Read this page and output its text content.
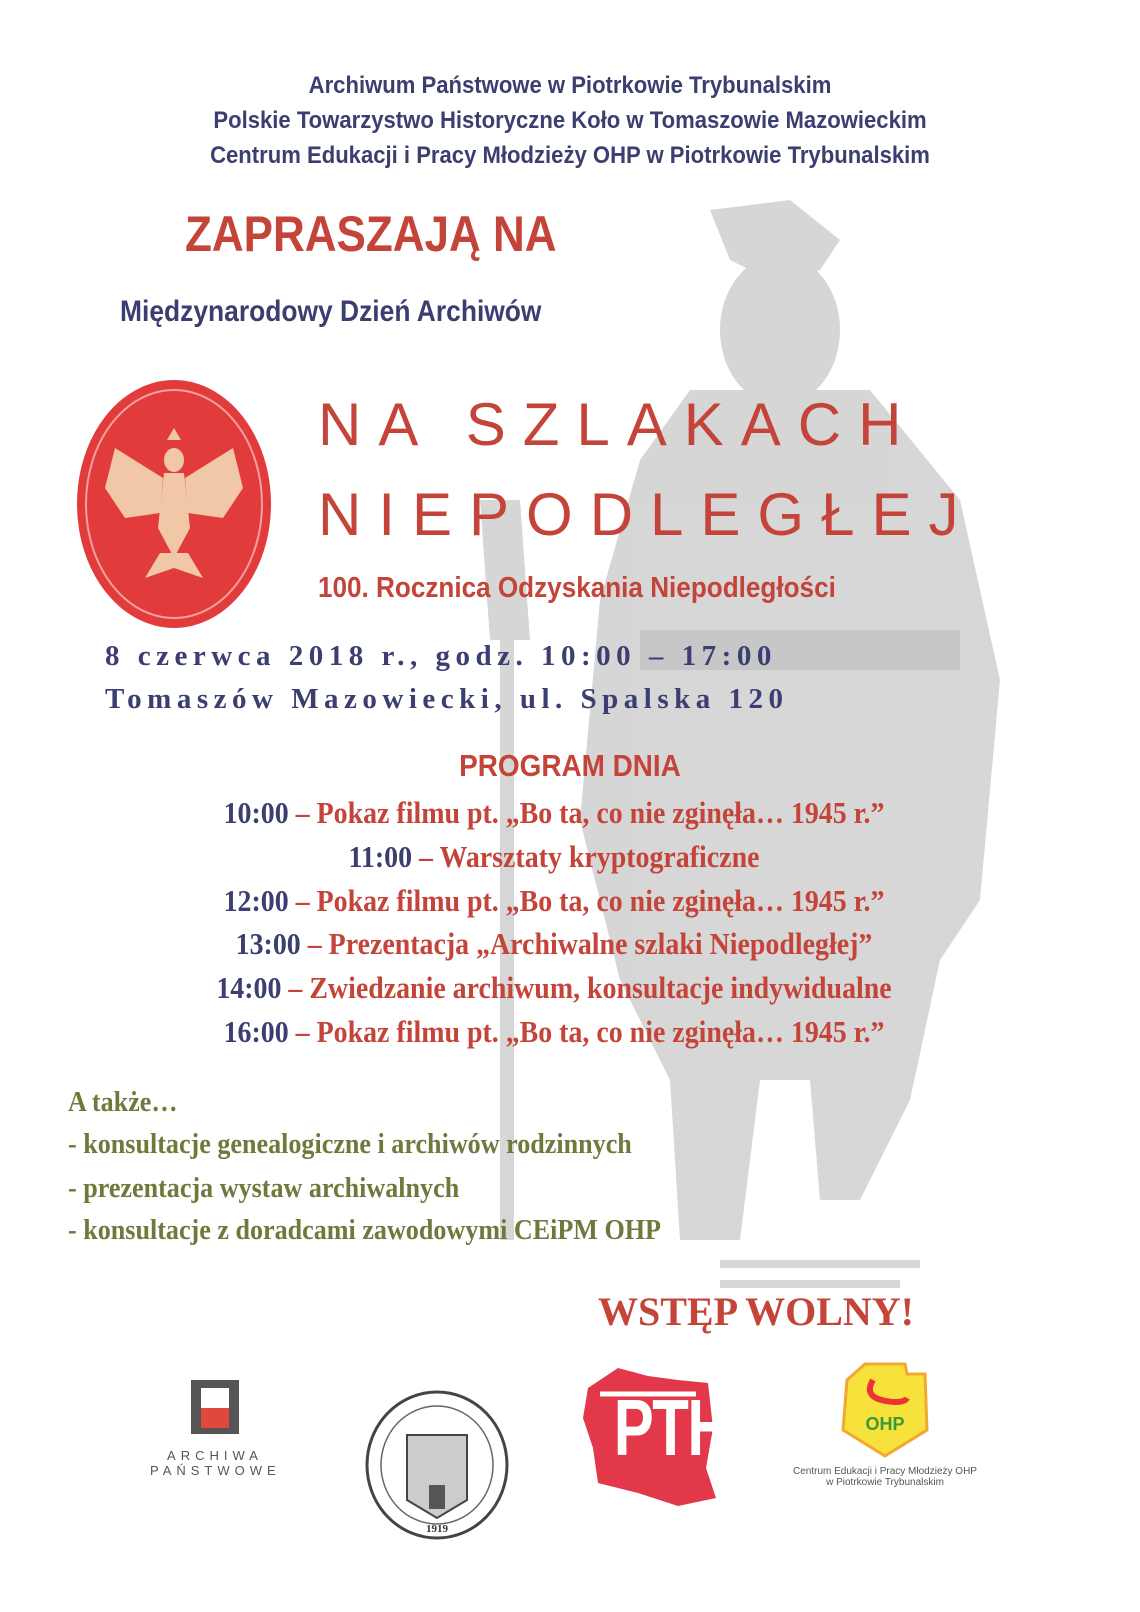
Archiwum Państwowe w Piotrkowie Trybunalskim
Polskie Towarzystwo Historyczne Koło w Tomaszowie Mazowieckim
Centrum Edukacji i Pracy Młodzieży OHP w Piotrkowie Trybunalskim
ZAPRASZAJĄ NA
Międzynarodowy Dzień Archiwów
NA SZLAKACH
NIEPODLEGŁEJ
100. Rocznica Odzyskania Niepodległości
8 czerwca 2018 r., godz. 10:00 – 17:00
Tomaszów Mazowiecki, ul. Spalska 120
PROGRAM DNIA
10:00 – Pokaz filmu pt. „Bo ta, co nie zginęła… 1945 r.”
11:00 – Warsztaty kryptograficzne
12:00 – Pokaz filmu pt. „Bo ta, co nie zginęła… 1945 r.”
13:00 – Prezentacja „Archiwalne szlaki Niepodległej”
14:00 – Zwiedzanie archiwum, konsultacje indywidualne
16:00 – Pokaz filmu pt. „Bo ta, co nie zginęła… 1945 r.”
A także…
- konsultacje genealogiczne i archiwów rodzinnych
- prezentacja wystaw archiwalnych
- konsultacje z doradcami zawodowymi CEiPM OHP
WSTĘP WOLNY!
ARCHIWA
PAŃSTWOWE
1919
PTH	OHP
Centrum Edukacji i Pracy Młodzieży OHP
w Piotrkowie Trybunalskim
